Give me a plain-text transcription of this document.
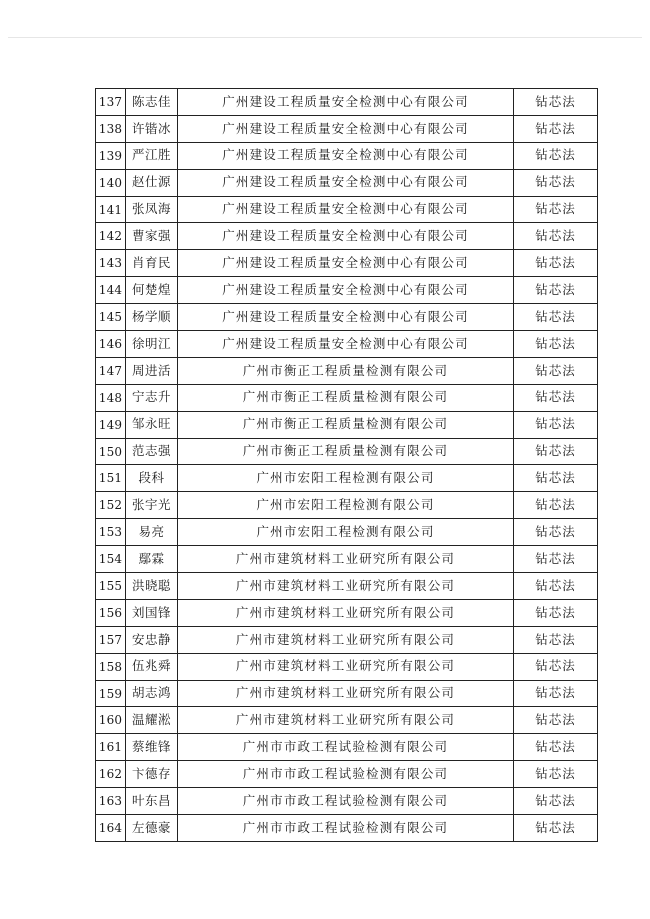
137	陈志佳	广州建设工程质量安全检测中心有限公司	钻芯法
138	许锴冰	广州建设工程质量安全检测中心有限公司	钻芯法
139	严江胜	广州建设工程质量安全检测中心有限公司	钻芯法
140	赵仕源	广州建设工程质量安全检测中心有限公司	钻芯法
141	张凤海	广州建设工程质量安全检测中心有限公司	钻芯法
142	曹家强	广州建设工程质量安全检测中心有限公司	钻芯法
143	肖育民	广州建设工程质量安全检测中心有限公司	钻芯法
144	何楚煌	广州建设工程质量安全检测中心有限公司	钻芯法
145	杨学顺	广州建设工程质量安全检测中心有限公司	钻芯法
146	徐明江	广州建设工程质量安全检测中心有限公司	钻芯法
147	周进活	广州市衡正工程质量检测有限公司	钻芯法
148	宁志升	广州市衡正工程质量检测有限公司	钻芯法
149	邹永旺	广州市衡正工程质量检测有限公司	钻芯法
150	范志强	广州市衡正工程质量检测有限公司	钻芯法
151	段科	广州市宏阳工程检测有限公司	钻芯法
152	张宇光	广州市宏阳工程检测有限公司	钻芯法
153	易亮	广州市宏阳工程检测有限公司	钻芯法
154	鄢霖	广州市建筑材料工业研究所有限公司	钻芯法
155	洪晓聪	广州市建筑材料工业研究所有限公司	钻芯法
156	刘国锋	广州市建筑材料工业研究所有限公司	钻芯法
157	安忠静	广州市建筑材料工业研究所有限公司	钻芯法
158	伍兆舜	广州市建筑材料工业研究所有限公司	钻芯法
159	胡志鸿	广州市建筑材料工业研究所有限公司	钻芯法
160	温耀淞	广州市建筑材料工业研究所有限公司	钻芯法
161	蔡维锋	广州市市政工程试验检测有限公司	钻芯法
162	卞德存	广州市市政工程试验检测有限公司	钻芯法
163	叶东昌	广州市市政工程试验检测有限公司	钻芯法
164	左德豪	广州市市政工程试验检测有限公司	钻芯法
